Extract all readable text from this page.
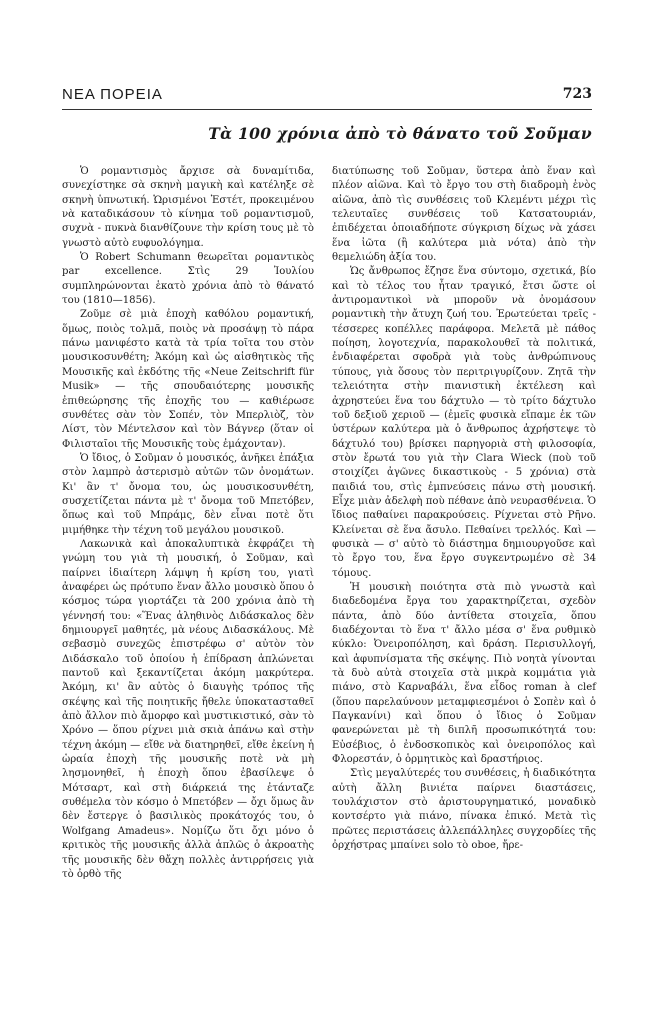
ΝΕΑ ΠΟΡΕΙΑ	723
Τὰ 100 χρόνια ἀπὸ τὸ θάνατο τοῦ Σοῦμαν

Ὁ ρομαντισμὸς ἄρχισε σὰ δυναμίτιδα, συνεχίστηκε σὰ σκηνὴ μαγικὴ καὶ κατέληξε σὲ σκηνὴ ὑπνωτική. Ὡρισμένοι Ἐστέτ, προκειμένου νὰ καταδικάσουν τὸ κίνημα τοῦ ρομαντισμοῦ, συχνὰ - πυκνὰ διανθίζουνε τὴν κρίση τους μὲ τὸ γνωστὸ αὐτὸ ευφυολόγημα.

Ὁ Robert Schumann θεωρεῖται ρομαντικὸς par excellence. Στὶς 29 Ἰουλίου συμπληρώνονται ἑκατὸ χρόνια ἀπὸ τὸ θάνατό του (1810—1856).

Ζοῦμε σὲ μιὰ ἐποχὴ καθόλου ρομαντική, ὅμως, ποιὸς τολμᾶ, ποιὸς νὰ προσάψῃ τὸ πάρα πάνω μανιφέστο κατὰ τὰ τρία τοῖτα του στὸν μουσικοσυνθέτη; Ἀκόμη καὶ ὡς αἰσθητικὸς τῆς Μουσικῆς καὶ ἐκδότης τῆς «Neue Zeitschrift für Musik» — τῆς σπουδαιότερης μουσικῆς ἐπιθεώρησης τῆς ἐποχῆς του — καθιέρωσε συνθέτες σὰν τὸν Σοπέν, τὸν Μπερλιὸζ, τὸν Λίστ, τὸν Μέντελσον καὶ τὸν Βάγνερ (ὅταν οἱ Φιλισταῖοι τῆς Μουσικῆς τοὺς ἐμάχονταν).

Ὁ ἴδιος, ὁ Σοῦμαν ὁ μουσικός, ἀνῆκει ἐπάξια στὸν λαμπρὸ ἀστερισμὸ αὐτῶν τῶν ὀνομάτων. Κι' ἂν τ' ὄνομα του, ὡς μουσικοσυνθέτη, συσχετίζεται πάντα μὲ τ' ὄνομα τοῦ Μπετόβεν, ὅπως καὶ τοῦ Μπράμς, δὲν εἶναι ποτὲ ὅτι μιμήθηκε τὴν τέχνη τοῦ μεγάλου μουσικοῦ.

Λακωνικὰ καὶ ἀποκαλυπτικὰ ἐκφράζει τὴ γνώμη του γιὰ τὴ μουσική, ὁ Σοῦμαν, καὶ παίρνει ἰδιαίτερη λάμψη ἡ κρίση του, γιατὶ ἀναφέρει ὡς πρότυπο ἕναν ἄλλο μουσικὸ ὅπου ὁ κόσμος τώρα γιορτάζει τὰ 200 χρόνια ἀπὸ τὴ γέννησή του: «Ἕνας ἀληθινὸς Διδάσκαλος δὲν δημιουργεῖ μαθητές, μὰ νέους Διδασκάλους. Μὲ σεβασμὸ συνεχῶς ἐπιστρέφω σ' αὐτὸν τὸν Διδάσκαλο τοῦ ὁποίου ἡ ἐπίδραση ἁπλώνεται παντοῦ καὶ ξεκαντίζεται ἀκόμη μακρύτερα. Ἀκόμη, κι' ἂν αὐτὸς ὁ διαυγὴς τρόπος τῆς σκέψης καὶ τῆς ποιητικῆς ἤθελε ὑποκατασταθεῖ ἀπὸ ἄλλον πιὸ ἄμορφο καὶ μυστικιστικό, σὰν τὸ Χρόνο — ὅπου ρίχνει μιὰ σκιὰ ἀπάνω καὶ στὴν τέχνη ἀκόμη — εἴθε νὰ διατηρηθεῖ, εἴθε ἐκείνη ἡ ὡραία ἐποχὴ τῆς μουσικῆς ποτὲ νὰ μὴ λησμονηθεῖ, ἡ ἐποχὴ ὅπου ἐβασίλεψε ὁ Μότσαρτ, καὶ στὴ διάρκειά της ἐτάνταζε συθέμελα τὸν κόσμο ὁ Μπετόβεν — ὄχι ὅμως ἂν δὲν ἔστεργε ὁ βασιλικὸς προκάτοχός του, ὁ Wolfgang Amadeus». Νομίζω ὅτι ὄχι μόνο ὁ κριτικὸς τῆς μουσικῆς ἀλλὰ ἁπλῶς ὁ ἀκροατὴς τῆς μουσικῆς δὲν θἄχη πολλὲς ἀντιρρήσεις γιὰ τὸ ὀρθὸ τῆς

διατύπωσης τοῦ Σοῦμαν, ὕστερα ἀπὸ ἕναν καὶ πλέον αἰῶνα. Καὶ τὸ ἔργο του στὴ διαδρομὴ ἑνὸς αἰῶνα, ἀπὸ τὶς συνθέσεις τοῦ Κλεμέντι μέχρι τὶς τελευταῖες συνθέσεις τοῦ Κατσατουριάν, ἐπιδέχεται ὁποιαδήποτε σύγκριση δίχως νὰ χάσει ἕνα ἰῶτα (ἢ καλύτερα μιὰ νότα) ἀπὸ τὴν θεμελιώδη ἀξία του.

Ὡς ἄνθρωπος ἔζησε ἕνα σύντομο, σχετικά, βίο καὶ τὸ τέλος του ἦταν τραγικό, ἔτσι ὥστε οἱ ἀντιρομαντικοὶ νὰ μποροῦν νὰ ὀνομάσουν ρομαντικὴ τὴν ἄτυχη ζωή του. Ἐρωτεύεται τρεῖς - τέσσερες κοπέλλες παράφορα. Μελετᾶ μὲ πάθος ποίηση, λογοτεχνία, παρακολουθεῖ τὰ πολιτικά, ἐνδιαφέρεται σφοδρὰ γιὰ τοὺς ἀνθρώπινους τύπους, γιὰ ὅσους τὸν περιτριγυρίζουν. Ζητᾶ τὴν τελειότητα στὴν πιανιστικὴ ἐκτέλεση καὶ ἀχρηστεύει ἕνα του δάχτυλο — τὸ τρίτο δάχτυλο τοῦ δεξιοῦ χεριοῦ — (ἐμεῖς φυσικὰ εἴπαμε ἐκ τῶν ὑστέρων καλύτερα μὰ ὁ ἄνθρωπος ἀχρήστεψε τὸ δάχτυλό του) βρίσκει παρηγοριὰ στὴ φιλοσοφία, στὸν ἔρωτά του γιὰ τὴν Clara Wieck (ποὺ τοῦ στοιχίζει ἀγῶνες δικαστικοὺς - 5 χρόνια) στὰ παιδιά του, στὶς ἐμπνεύσεις πάνω στὴ μουσική. Εἶχε μιὰν ἀδελφὴ ποὺ πέθανε ἀπὸ νευρασθένεια. Ὁ ἴδιος παθαίνει παρακρούσεις. Ρίχνεται στὸ Ρῆνο. Κλείνεται σὲ ἕνα ἄσυλο. Πεθαίνει τρελλός. Καὶ — φυσικὰ — σ' αὐτὸ τὸ διάστημα δημιουργοῦσε καὶ τὸ ἔργο του, ἕνα ἔργο συγκεντρωμένο σὲ 34 τόμους.

Ἡ μουσικὴ ποιότητα στὰ πιὸ γνωστὰ καὶ διαδεδομένα ἔργα του χαρακτηρίζεται, σχεδὸν πάντα, ἀπὸ δύο ἀντίθετα στοιχεῖα, ὅπου διαδέχονται τὸ ἕνα τ' ἄλλο μέσα σ' ἕνα ρυθμικὸ κύκλο: Ὀνειροπόληση, καὶ δράση. Περισυλλογή, καὶ ἀφυπνίσματα τῆς σκέψης. Πιὸ νοητὰ γίνονται τὰ δυὸ αὐτὰ στοιχεῖα στὰ μικρὰ κομμάτια γιὰ πιάνο, στὸ Καρναβάλι, ἕνα εἶδος roman à clef (ὅπου παρελαύνουν μεταμφιεσμένοι ὁ Σοπὲν καὶ ὁ Παγκανίνι) καὶ ὅπου ὁ ἴδιος ὁ Σοῦμαν φανερώνεται μὲ τὴ διπλῆ προσωπικότητά του: Εὐσέβιος, ὁ ἐνδοσκοπικὸς καὶ ὀνειροπόλος καὶ Φλορεστάν, ὁ ὁρμητικὸς καὶ δραστήριος.

Στὶς μεγαλύτερές του συνθέσεις, ἡ διαδικότητα αὐτὴ ἄλλη βινιέτα παίρνει διαστάσεις, τουλάχιστον στὸ ἀριστουργηματικό, μοναδικὸ κοντσέρτο γιὰ πιάνο, πίνακα ἐπικό. Μετὰ τὶς πρῶτες περιστάσεις ἀλλεπάλληλες συγχορδίες τῆς ὀρχήστρας μπαίνει solo τὸ oboe, ἤρε-
